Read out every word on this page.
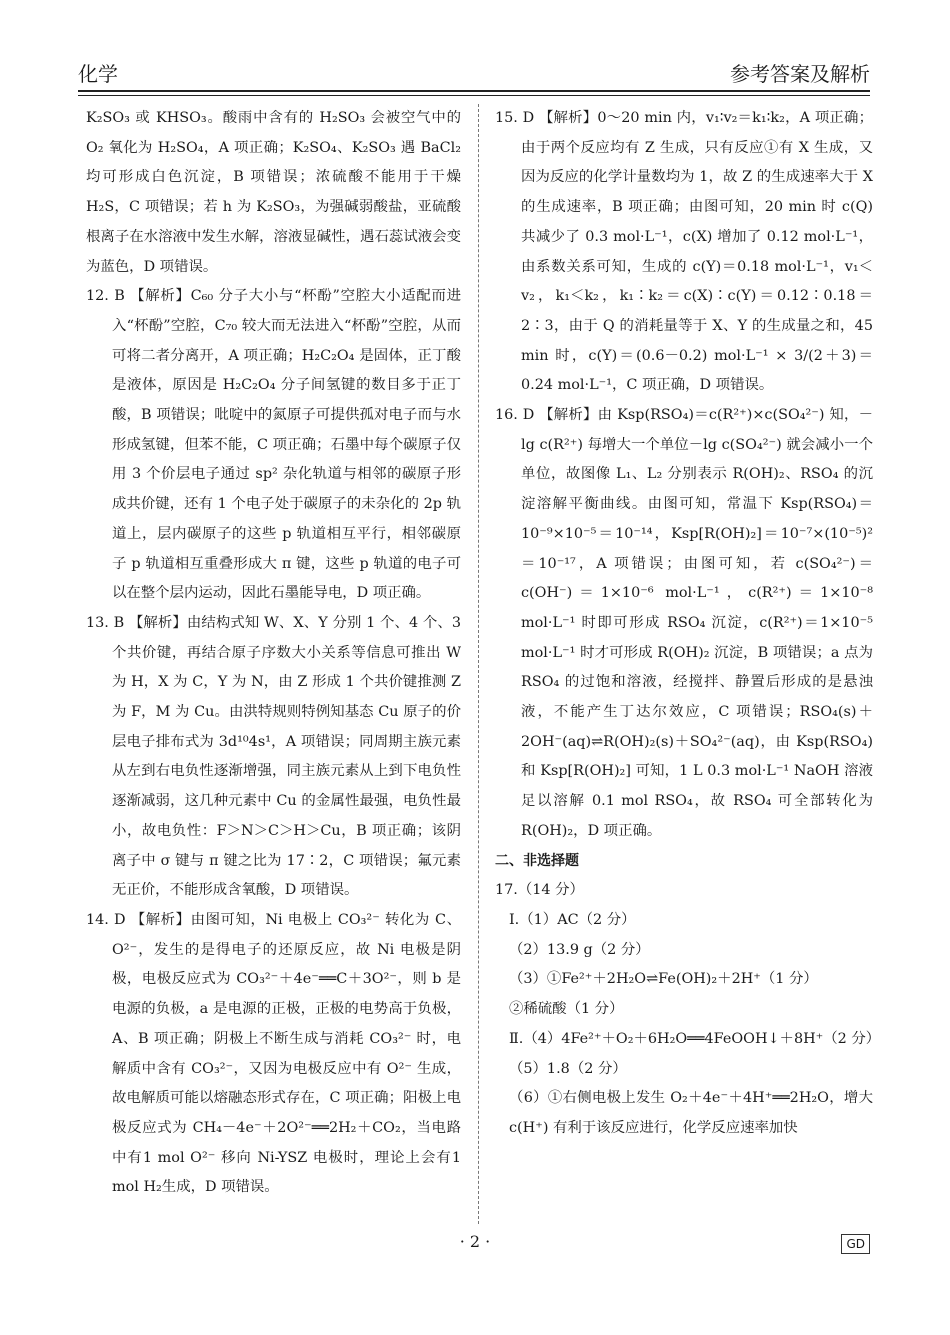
化学	参考答案及解析

K₂SO₃ 或 KHSO₃。酸雨中含有的 H₂SO₃ 会被空气中的 O₂ 氧化为 H₂SO₄，A 项正确；K₂SO₄、K₂SO₃ 遇 BaCl₂ 均可形成白色沉淀，B 项错误；浓硫酸不能用于干燥 H₂S，C 项错误；若 h 为 K₂SO₃，为强碱弱酸盐，亚硫酸根离子在水溶液中发生水解，溶液显碱性，遇石蕊试液会变为蓝色，D 项错误。

12. B 【解析】C₆₀ 分子大小与“杯酚”空腔大小适配而进入“杯酚”空腔，C₇₀ 较大而无法进入“杯酚”空腔，从而可将二者分离开，A 项正确；H₂C₂O₄ 是固体，正丁酸是液体，原因是 H₂C₂O₄ 分子间氢键的数目多于正丁酸，B 项错误；吡啶中的氮原子可提供孤对电子而与水形成氢键，但苯不能，C 项正确；石墨中每个碳原子仅用 3 个价层电子通过 sp² 杂化轨道与相邻的碳原子形成共价键，还有 1 个电子处于碳原子的未杂化的 2p 轨道上，层内碳原子的这些 p 轨道相互平行，相邻碳原子 p 轨道相互重叠形成大 π 键，这些 p 轨道的电子可以在整个层内运动，因此石墨能导电，D 项正确。

13. B 【解析】由结构式知 W、X、Y 分别 1 个、4 个、3 个共价键，再结合原子序数大小关系等信息可推出 W 为 H，X 为 C，Y 为 N，由 Z 形成 1 个共价键推测 Z 为 F，M 为 Cu。由洪特规则特例知基态 Cu 原子的价层电子排布式为 3d¹⁰4s¹，A 项错误；同周期主族元素从左到右电负性逐渐增强，同主族元素从上到下电负性逐渐减弱，这几种元素中 Cu 的金属性最强，电负性最小，故电负性：F＞N＞C＞H＞Cu，B 项正确；该阴离子中 σ 键与 π 键之比为 17∶2，C 项错误；氟元素无正价，不能形成含氧酸，D 项错误。

14. D 【解析】由图可知，Ni 电极上 CO₃²⁻ 转化为 C、O²⁻，发生的是得电子的还原反应，故 Ni 电极是阴极，电极反应式为 CO₃²⁻＋4e⁻══C＋3O²⁻，则 b 是电源的负极，a 是电源的正极，正极的电势高于负极，A、B 项正确；阴极上不断生成与消耗 CO₃²⁻ 时，电解质中含有 CO₃²⁻，又因为电极反应中有 O²⁻ 生成，故电解质可能以熔融态形式存在，C 项正确；阳极上电极反应式为 CH₄－4e⁻＋2O²⁻══2H₂＋CO₂，当电路中有1 mol O²⁻ 移向 Ni-YSZ 电极时，理论上会有1 mol H₂生成，D 项错误。

15. D 【解析】0～20 min 内，v₁∶v₂＝k₁∶k₂，A 项正确；由于两个反应均有 Z 生成，只有反应①有 X 生成，又因为反应的化学计量数均为 1，故 Z 的生成速率大于 X 的生成速率，B 项正确；由图可知，20 min 时 c(Q) 共减少了 0.3 mol·L⁻¹，c(X) 增加了 0.12 mol·L⁻¹，由系数关系可知，生成的 c(Y)＝0.18 mol·L⁻¹，v₁＜v₂，k₁＜k₂，k₁∶k₂＝c(X)∶c(Y)＝0.12∶0.18＝2∶3，由于 Q 的消耗量等于 X、Y 的生成量之和，45 min 时，c(Y)＝(0.6－0.2) mol·L⁻¹ × 3/(2＋3)＝0.24 mol·L⁻¹，C 项正确，D 项错误。

16. D 【解析】由 Ksp(RSO₄)＝c(R²⁺)×c(SO₄²⁻) 知，－lg c(R²⁺) 每增大一个单位－lg c(SO₄²⁻) 就会减小一个单位，故图像 L₁、L₂ 分别表示 R(OH)₂、RSO₄ 的沉淀溶解平衡曲线。由图可知，常温下 Ksp(RSO₄)＝10⁻⁹×10⁻⁵＝10⁻¹⁴，Ksp[R(OH)₂]＝10⁻⁷×(10⁻⁵)²＝10⁻¹⁷，A 项错误；由图可知，若 c(SO₄²⁻)＝c(OH⁻)＝1×10⁻⁶ mol·L⁻¹，c(R²⁺)＝1×10⁻⁸ mol·L⁻¹ 时即可形成 RSO₄ 沉淀，c(R²⁺)＝1×10⁻⁵ mol·L⁻¹ 时才可形成 R(OH)₂ 沉淀，B 项错误；a 点为 RSO₄ 的过饱和溶液，经搅拌、静置后形成的是悬浊液，不能产生丁达尔效应，C 项错误；RSO₄(s)＋2OH⁻(aq)⇌R(OH)₂(s)＋SO₄²⁻(aq)，由 Ksp(RSO₄) 和 Ksp[R(OH)₂] 可知，1 L 0.3 mol·L⁻¹ NaOH 溶液足以溶解 0.1 mol RSO₄，故 RSO₄ 可全部转化为 R(OH)₂，D 项正确。

二、非选择题

17.（14 分）

Ⅰ.（1）AC（2 分）

（2）13.9 g（2 分）

（3）①Fe²⁺＋2H₂O⇌Fe(OH)₂＋2H⁺（1 分）

②稀硫酸（1 分）

Ⅱ.（4）4Fe²⁺＋O₂＋6H₂O══4FeOOH↓＋8H⁺（2 分）

（5）1.8（2 分）

（6）①右侧电极上发生 O₂＋4e⁻＋4H⁺══2H₂O，增大 c(H⁺) 有利于该反应进行，化学反应速率加快

· 2 ·	GD
